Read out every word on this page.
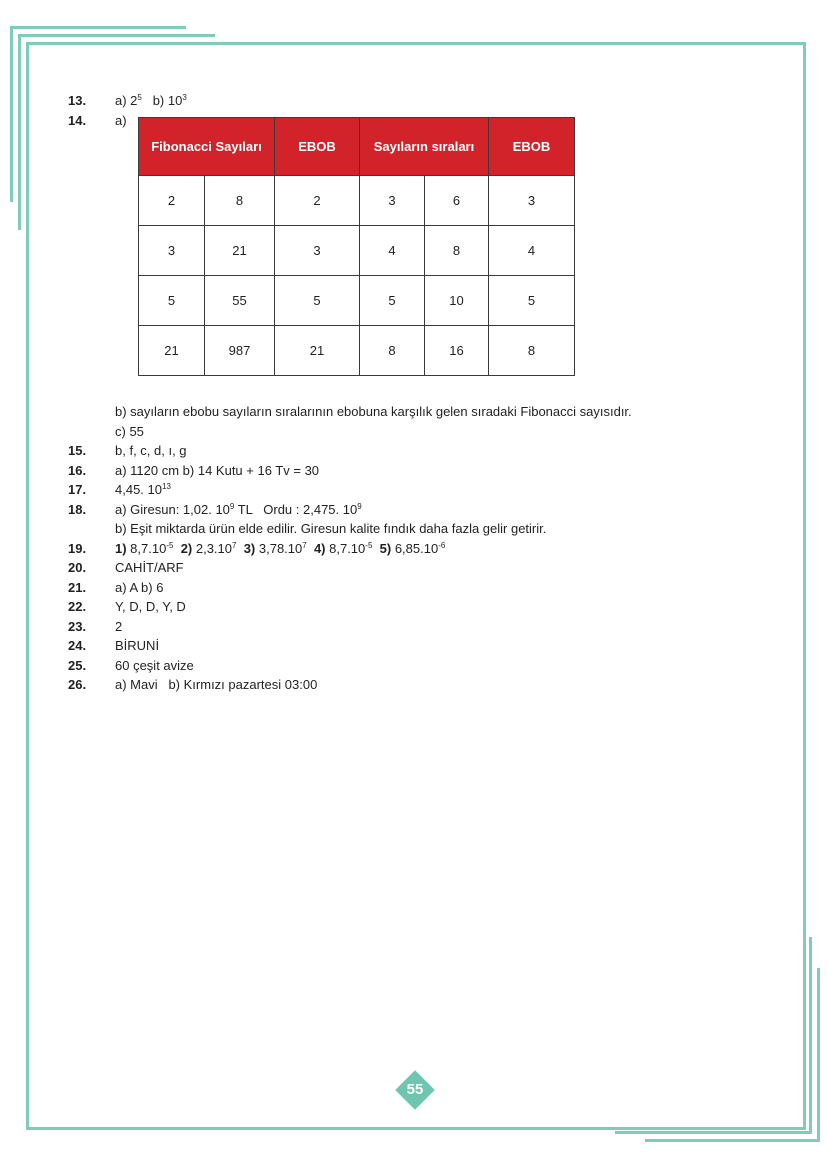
13. a) $2^5$ b) $10^3$
14. a)
Fibonacci Sayıları		EBOB	Sayıların sıraları		EBOB
2	8	2	3	6	3
3	21	3	4	8	4
5	55	5	5	10	5
21	987	21	8	16	8
b) sayıların ebobu sayıların sıralarının ebobuna karşılık gelen sıradaki Fibonacci sayısıdır.
c) 55
15. b, f, c, d, ı, g
16. a) 1120 cm b) 14 Kutu + 16 Tv = 30
17. 4,45. $10^{13}$
18. a) Giresun: 1,02. $10^9$ TL   Ordu : 2,475. $10^9$
b) Eşit miktarda ürün elde edilir. Giresun kalite fındık daha fazla gelir getirir.
19. 1) $8,7.10^{-5}$ 2) 2,3.10$^7$ 3) 3,78.10$^7$ 4) $8,7.10^{-5}$ 5) $6,85.10^{-6}$
20. CAHİT/ARF
21. a) A b) 6
22. Y, D, D, Y, D
23. 2
24. BİRUNİ
25. 60 çeşit avize
26. a) Mavi   b) Kırmızı pazartesi 03:00
55
